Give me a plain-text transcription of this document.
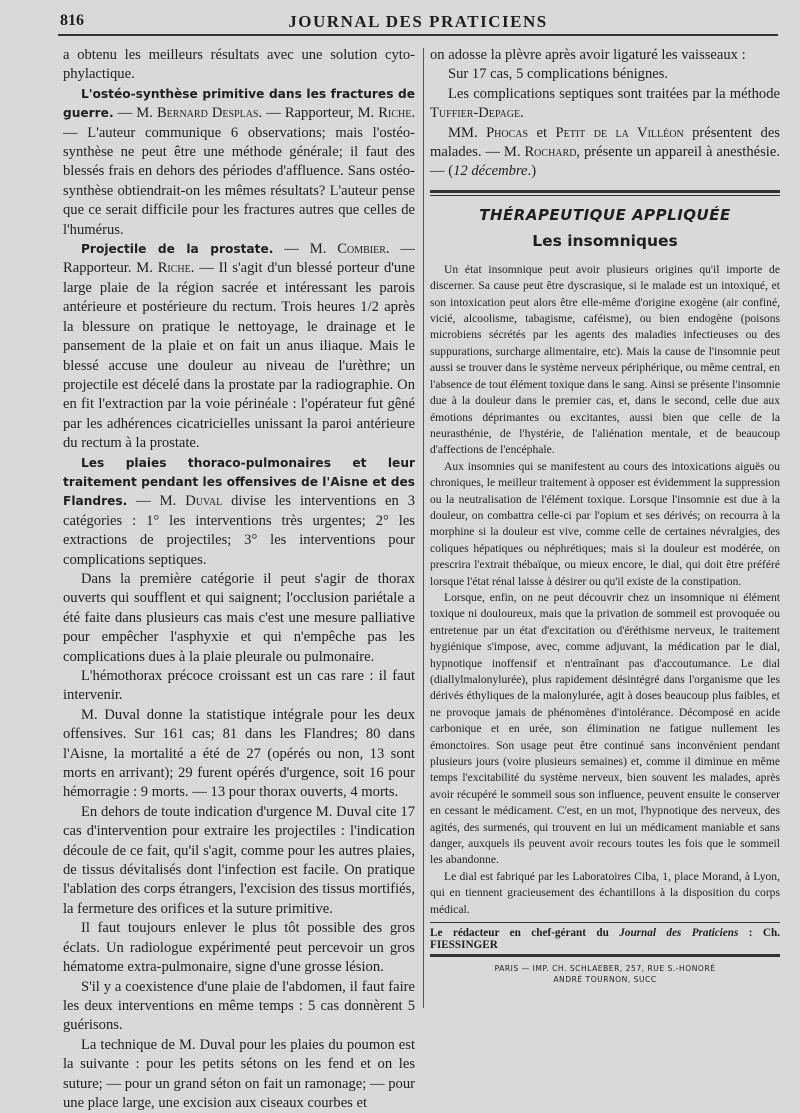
816	JOURNAL DES PRATICIENS

a obtenu les meilleurs résultats avec une solution cyto-phylactique.

L'ostéo-synthèse primitive dans les fractures de guerre. — M. Bernard Desplas. — Rapporteur, M. Riche. — L'auteur communique 6 observations; mais l'ostéo-synthèse ne peut être une méthode générale; il faut des blessés frais en dehors des périodes d'affluence. Sans ostéo-synthèse obtiendrait-on les mêmes résultats? L'auteur pense que ce serait difficile pour les fractures autres que celles de l'humérus.

Projectile de la prostate. — M. Combier. — Rapporteur. M. Riche. — Il s'agit d'un blessé porteur d'une large plaie de la région sacrée et intéressant les parois antérieure et postérieure du rectum. Trois heures 1/2 après la blessure on pratique le nettoyage, le drainage et le pansement de la plaie et on fait un anus iliaque. Mais le blessé accuse une douleur au niveau de l'urèthre; un projectile est décelé dans la prostate par la radiographie. On en fit l'extraction par la voie périnéale : l'opérateur fut gêné par les adhérences cicatricielles unissant la paroi antérieure du rectum à la prostate.

Les plaies thoraco-pulmonaires et leur traitement pendant les offensives de l'Aisne et des Flandres. — M. Duval divise les interventions en 3 catégories : 1° les interventions très urgentes; 2° les extractions de projectiles; 3° les interventions pour complications septiques.

Dans la première catégorie il peut s'agir de thorax ouverts qui soufflent et qui saignent; l'occlusion pariétale a été faite dans plusieurs cas mais c'est une mesure palliative pour empêcher l'asphyxie et qui n'empêche pas les complications dues à la plaie pleurale ou pulmonaire.

L'hémothorax précoce croissant est un cas rare : il faut intervenir.

M. Duval donne la statistique intégrale pour les deux offensives. Sur 161 cas; 81 dans les Flandres; 80 dans l'Aisne, la mortalité a été de 27 (opérés ou non, 13 sont morts en arrivant); 29 furent opérés d'urgence, soit 16 pour hémorragie : 9 morts. — 13 pour thorax ouverts, 4 morts.

En dehors de toute indication d'urgence M. Duval cite 17 cas d'intervention pour extraire les projectiles : l'indication découle de ce fait, qu'il s'agit, comme pour les autres plaies, de tissus dévitalisés dont l'infection est facile. On pratique l'ablation des corps étrangers, l'excision des tissus mortifiés, la fermeture des orifices et la suture primitive.

Il faut toujours enlever le plus tôt possible des gros éclats. Un radiologue expérimenté peut percevoir un gros hématome extra-pulmonaire, signe d'une grosse lésion.

S'il y a coexistence d'une plaie de l'abdomen, il faut faire les deux interventions en même temps : 5 cas donnèrent 5 guérisons.

La technique de M. Duval pour les plaies du poumon est la suivante : pour les petits sétons on les fend et on les suture; — pour un grand séton on fait un ramonage; — pour une place large, une excision aux ciseaux courbes et

on adosse la plèvre après avoir ligaturé les vaisseaux :

Sur 17 cas, 5 complications bénignes.

Les complications septiques sont traitées par la méthode Tuffier-Depage.

MM. Phocas et Petit de la Villéon présentent des malades. — M. Rochard, présente un appareil à anesthésie. — (12 décembre.)

THÉRAPEUTIQUE APPLIQUÉE
Les insomniques

Un état insomnique peut avoir plusieurs origines qu'il importe de discerner. Sa cause peut être dyscrasique, si le malade est un intoxiqué, et son intoxication peut alors être elle-même d'origine exogène (air confiné, vicié, alcoolisme, tabagisme, caféisme), ou bien endogène (poisons microbiens sécrétés par les agents des maladies infectieuses ou des suppurations, surcharge alimentaire, etc). Mais la cause de l'insomnie peut aussi se trouver dans le système nerveux périphérique, ou même central, en l'absence de tout élément toxique dans le sang. Ainsi se présente l'insomnie due à la douleur dans le premier cas, et, dans le second, celle due aux émotions déprimantes ou excitantes, aussi bien que celle de la neurasthénie, de l'hystérie, de l'aliénation mentale, et de beaucoup d'affections de l'encéphale.

Aux insomnies qui se manifestent au cours des intoxications aiguës ou chroniques, le meilleur traitement à opposer est évidemment la suppression ou la neutralisation de l'élément toxique. Lorsque l'insomnie est due à la douleur, on combattra celle-ci par l'opium et ses dérivés; on recourra à la morphine si la douleur est vive, comme celle de certaines névralgies, des coliques hépatiques ou néphrétiques; mais si la douleur est modérée, on prescrira l'extrait thébaïque, ou mieux encore, le dial, qui doit être préféré lorsque l'état rénal laisse à désirer ou qu'il existe de la constipation.

Lorsque, enfin, on ne peut découvrir chez un insomnique ni élément toxique ni douloureux, mais que la privation de sommeil est provoquée ou entretenue par un état d'excitation ou d'éréthisme nerveux, le traitement hygiénique s'impose, avec, comme adjuvant, la médication par le dial, hypnotique inoffensif et n'entraînant pas d'accoutumance. Le dial (diallylmalonylurée), plus rapidement désintégré dans l'organisme que les dérivés éthyliques de la malonylurée, agit à doses beaucoup plus faibles, et ne provoque jamais de phénomènes d'intolérance. Décomposé en acide carbonique et en urée, son élimination ne fatigue nullement les émonctoires. Son usage peut être continué sans inconvénient pendant plusieurs jours (voire plusieurs semaines) et, comme il diminue en même temps l'excitabilité du système nerveux, bien souvent les malades, après avoir récupéré le sommeil sous son influence, peuvent ensuite le conserver en cessant le médicament. C'est, en un mot, l'hypnotique des nerveux, des agités, des surmenés, qui trouvent en lui un médicament maniable et sans danger, auxquels ils peuvent avoir recours toutes les fois que le sommeil les abandonne.

Le dial est fabriqué par les Laboratoires Ciba, 1, place Morand, à Lyon, qui en tiennent gracieusement des échantillons à la disposition du corps médical.

Le rédacteur en chef-gérant du Journal des Praticiens : Ch. FIESSINGER
PARIS — IMP. CH. SCHLAEBER, 257, RUE S.-HONORÉ
ANDRÉ TOURNON, SUCC
